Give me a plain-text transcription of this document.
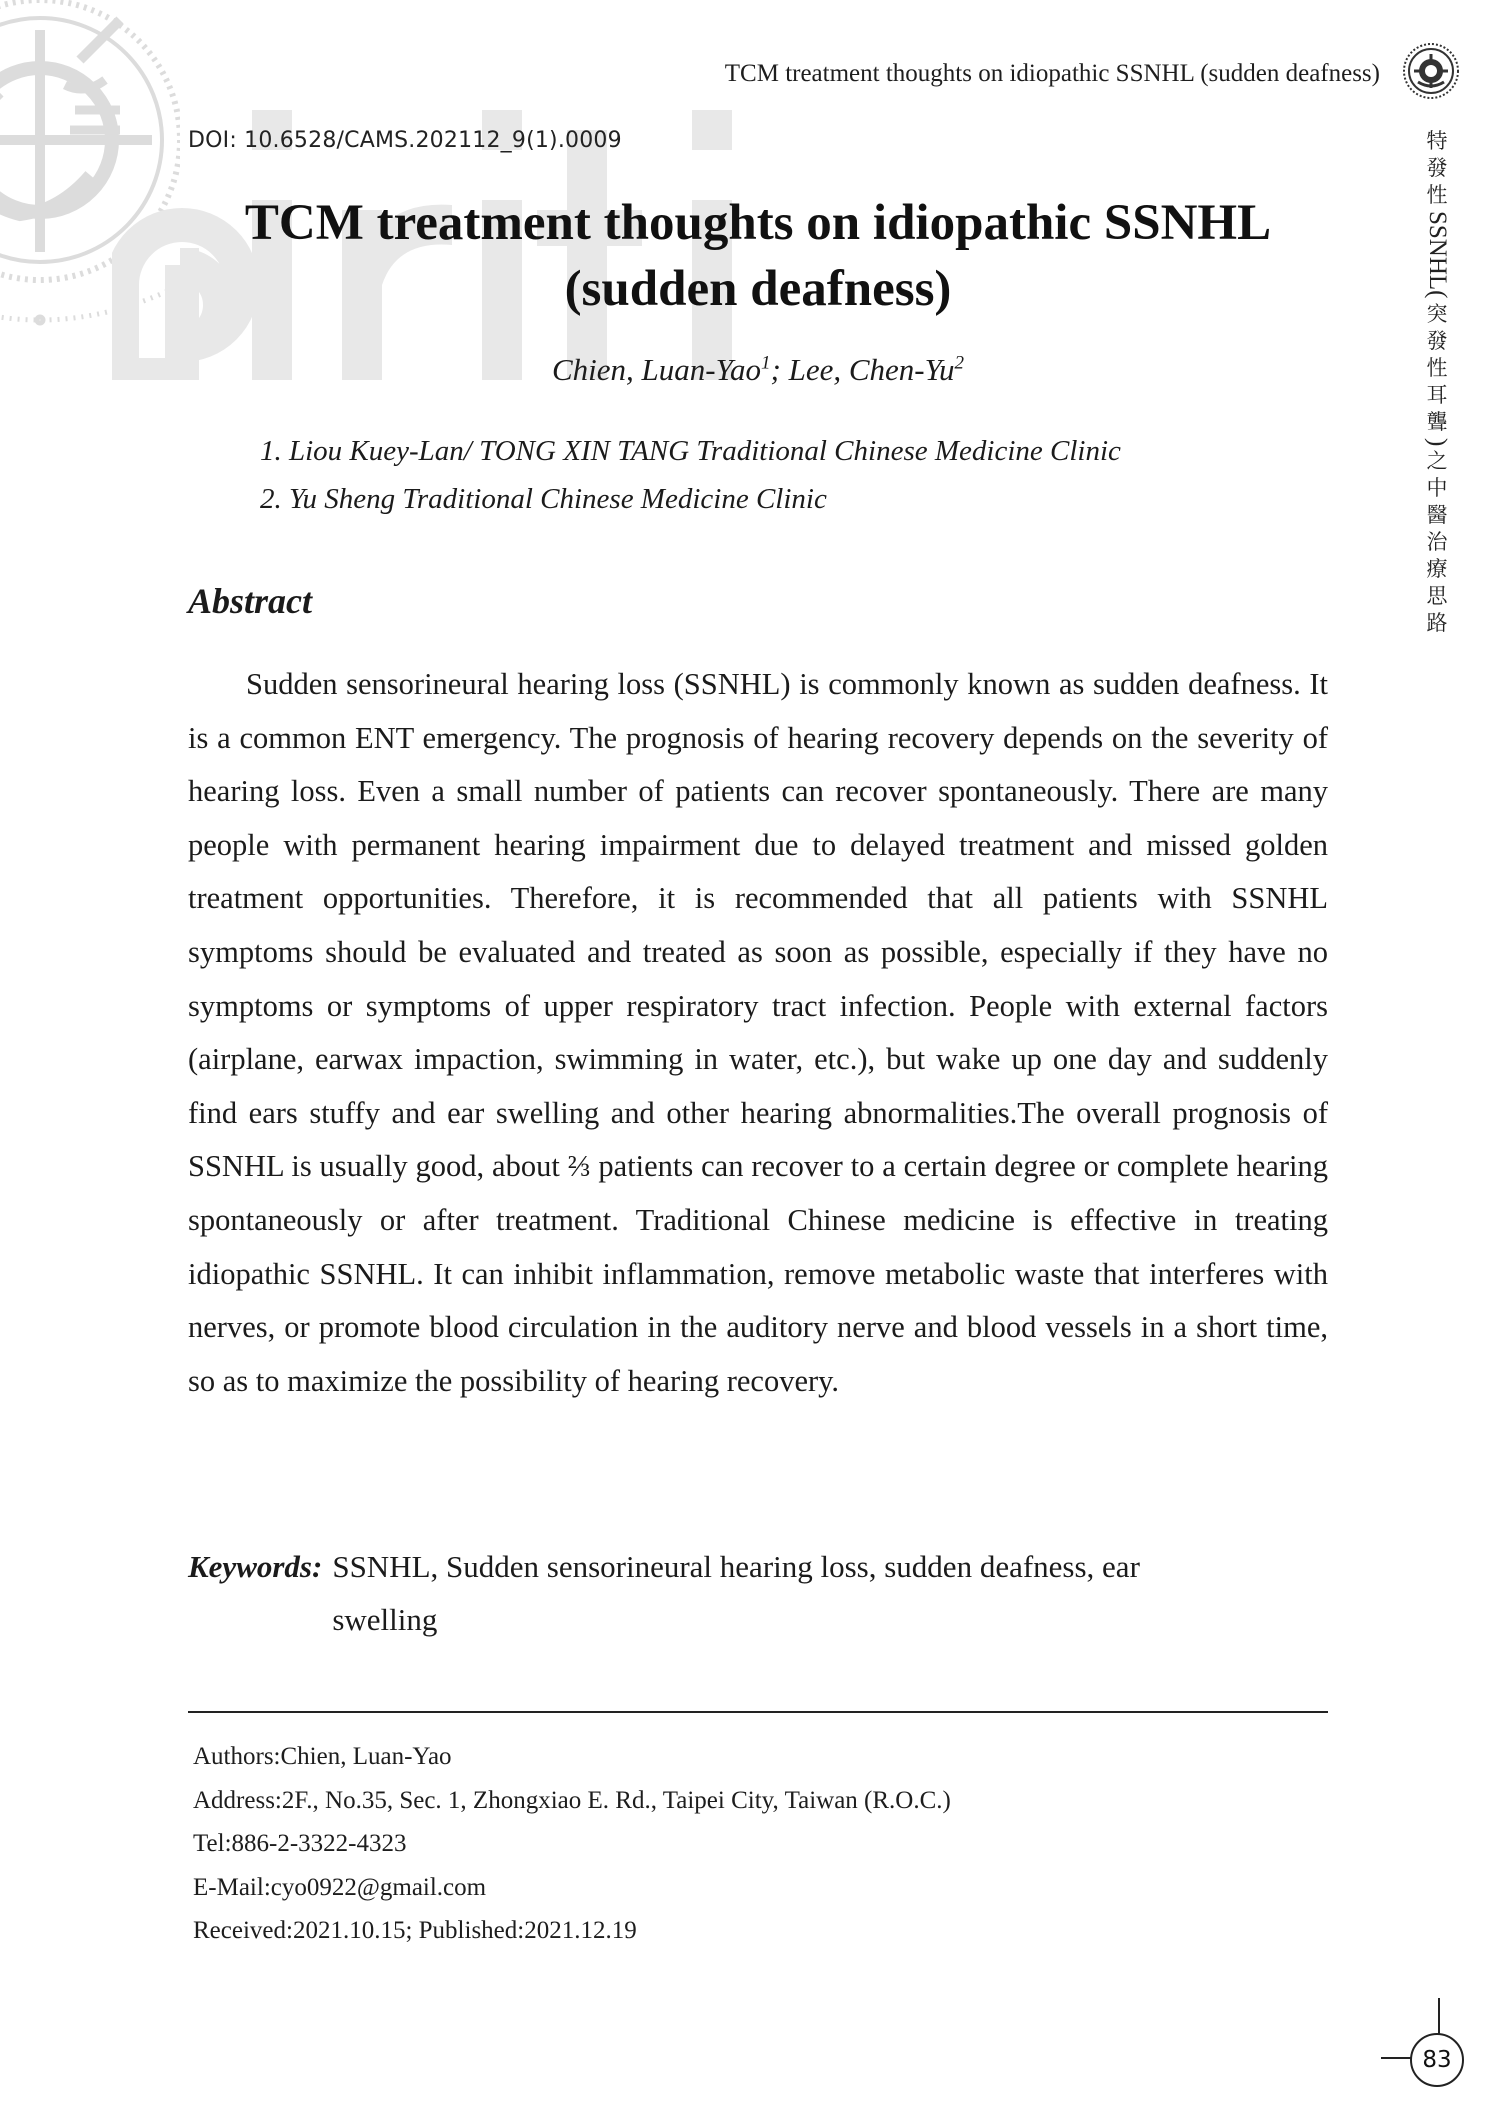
TCM treatment thoughts on idiopathic SSNHL (sudden deafness)
特
發
性
SSNHL(
突
發
性
耳
聾
)
之
中
醫
治
療
思
路
DOI: 10.6528/CAMS.202112_9(1).0009
TCM treatment thoughts on idiopathic SSNHL
(sudden deafness)
Chien, Luan-Yao$^1$; Lee, Chen-Yu$^2$
1. Liou Kuey-Lan/ TONG XIN TANG Traditional Chinese Medicine Clinic
2. Yu Sheng Traditional Chinese Medicine Clinic
Abstract

Sudden sensorineural hearing loss (SSNHL) is commonly known as sudden deafness. It is a common ENT emergency. The prognosis of hearing recovery depends on the severity of hearing loss. Even a small number of patients can recover spontaneously. There are many people with permanent hearing impairment due to delayed treatment and missed golden treatment opportunities. Therefore, it is recommended that all patients with SSNHL symptoms should be evaluated and treated as soon as possible, especially if they have no symptoms or symptoms of upper respiratory tract infection. People with external factors (airplane, earwax impaction, swimming in water, etc.), but wake up one day and suddenly find ears stuffy and ear swelling and other hearing abnormalities.The overall prognosis of SSNHL is usually good, about ⅔ patients can recover to a certain degree or complete hearing spontaneously or after treatment. Traditional Chinese medicine is effective in treating idiopathic SSNHL. It can inhibit inflammation, remove metabolic waste that interferes with nerves, or promote blood circulation in the auditory nerve and blood vessels in a short time, so as to maximize the possibility of hearing recovery.

Keywords: SSNHL, Sudden sensorineural hearing loss, sudden deafness, ear swelling
Authors:Chien, Luan-Yao
Address:2F., No.35, Sec. 1, Zhongxiao E. Rd., Taipei City, Taiwan (R.O.C.)
Tel:886-2-3322-4323
E-Mail:cyo0922@gmail.com
Received:2021.10.15; Published:2021.12.19
83
